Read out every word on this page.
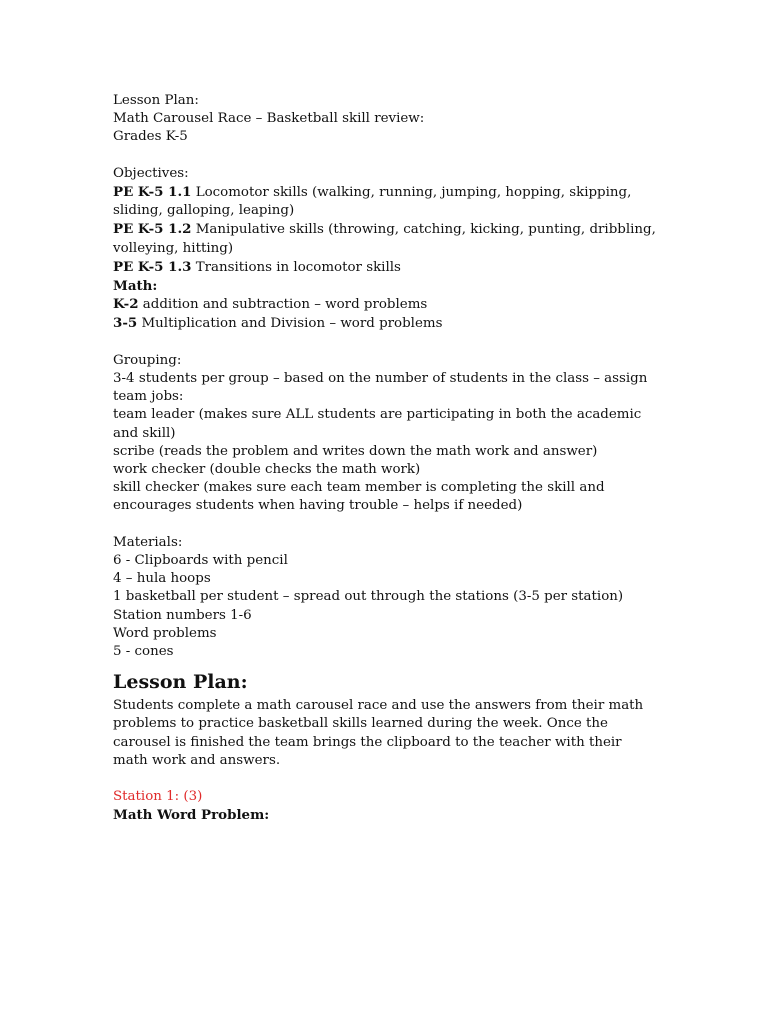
Lesson Plan:
Math Carousel Race – Basketball skill review:
Grades K-5
Objectives:
PE K-5 1.1 Locomotor skills (walking, running, jumping, hopping, skipping, sliding, galloping, leaping)
PE K-5 1.2 Manipulative skills (throwing, catching, kicking, punting, dribbling, volleying, hitting)
PE K-5 1.3 Transitions in locomotor skills
Math:
K-2 addition and subtraction – word problems
3-5 Multiplication and Division – word problems
Grouping:
3-4 students per group – based on the number of students in the class – assign team jobs:
team leader (makes sure ALL students are participating in both the academic and skill)
scribe (reads the problem and writes down the math work and answer)
work checker (double checks the math work)
skill checker (makes sure each team member is completing the skill and encourages students when having trouble – helps if needed)
Materials:
6 - Clipboards with pencil
4 – hula hoops
1 basketball per student – spread out through the stations (3-5 per station)
Station numbers 1-6
Word problems
5 - cones
Lesson Plan:
Students complete a math carousel race and use the answers from their math problems to practice basketball skills learned during the week. Once the carousel is finished the team brings the clipboard to the teacher with their math work and answers.
Station 1: (3)
Math Word Problem:
